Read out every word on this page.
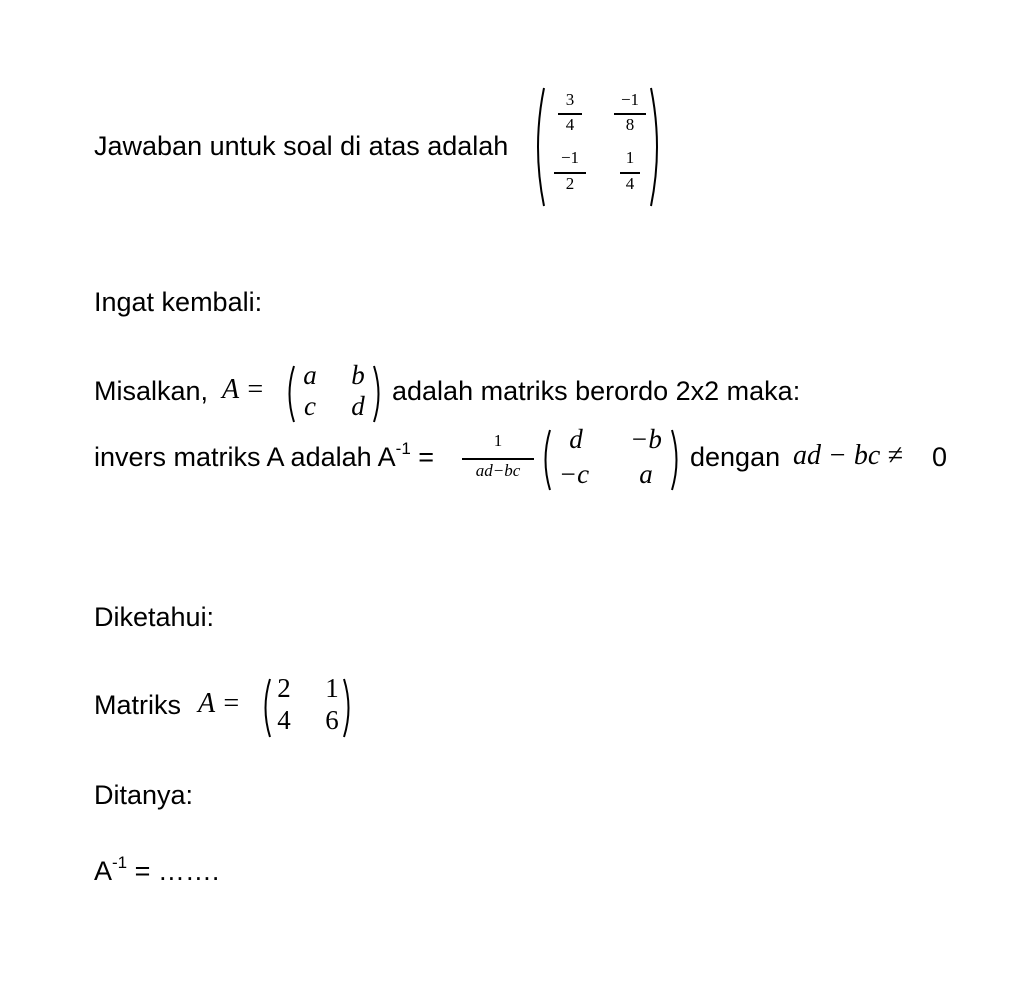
Jawaban untuk soal di atas adalah
3
4
−1
8
−1
2
1
4
Ingat kembali:
Misalkan, A = a b
c d adalah matriks berordo 2x2 maka:
invers matriks A adalah $A^{-1}$ =
1
ad−bc
d	−b
−c	a
dengan ad − bc ≠ 0
Diketahui:
Matriks A = 2 1
4 6
Ditanya:
$A^{-1}$ = …….
